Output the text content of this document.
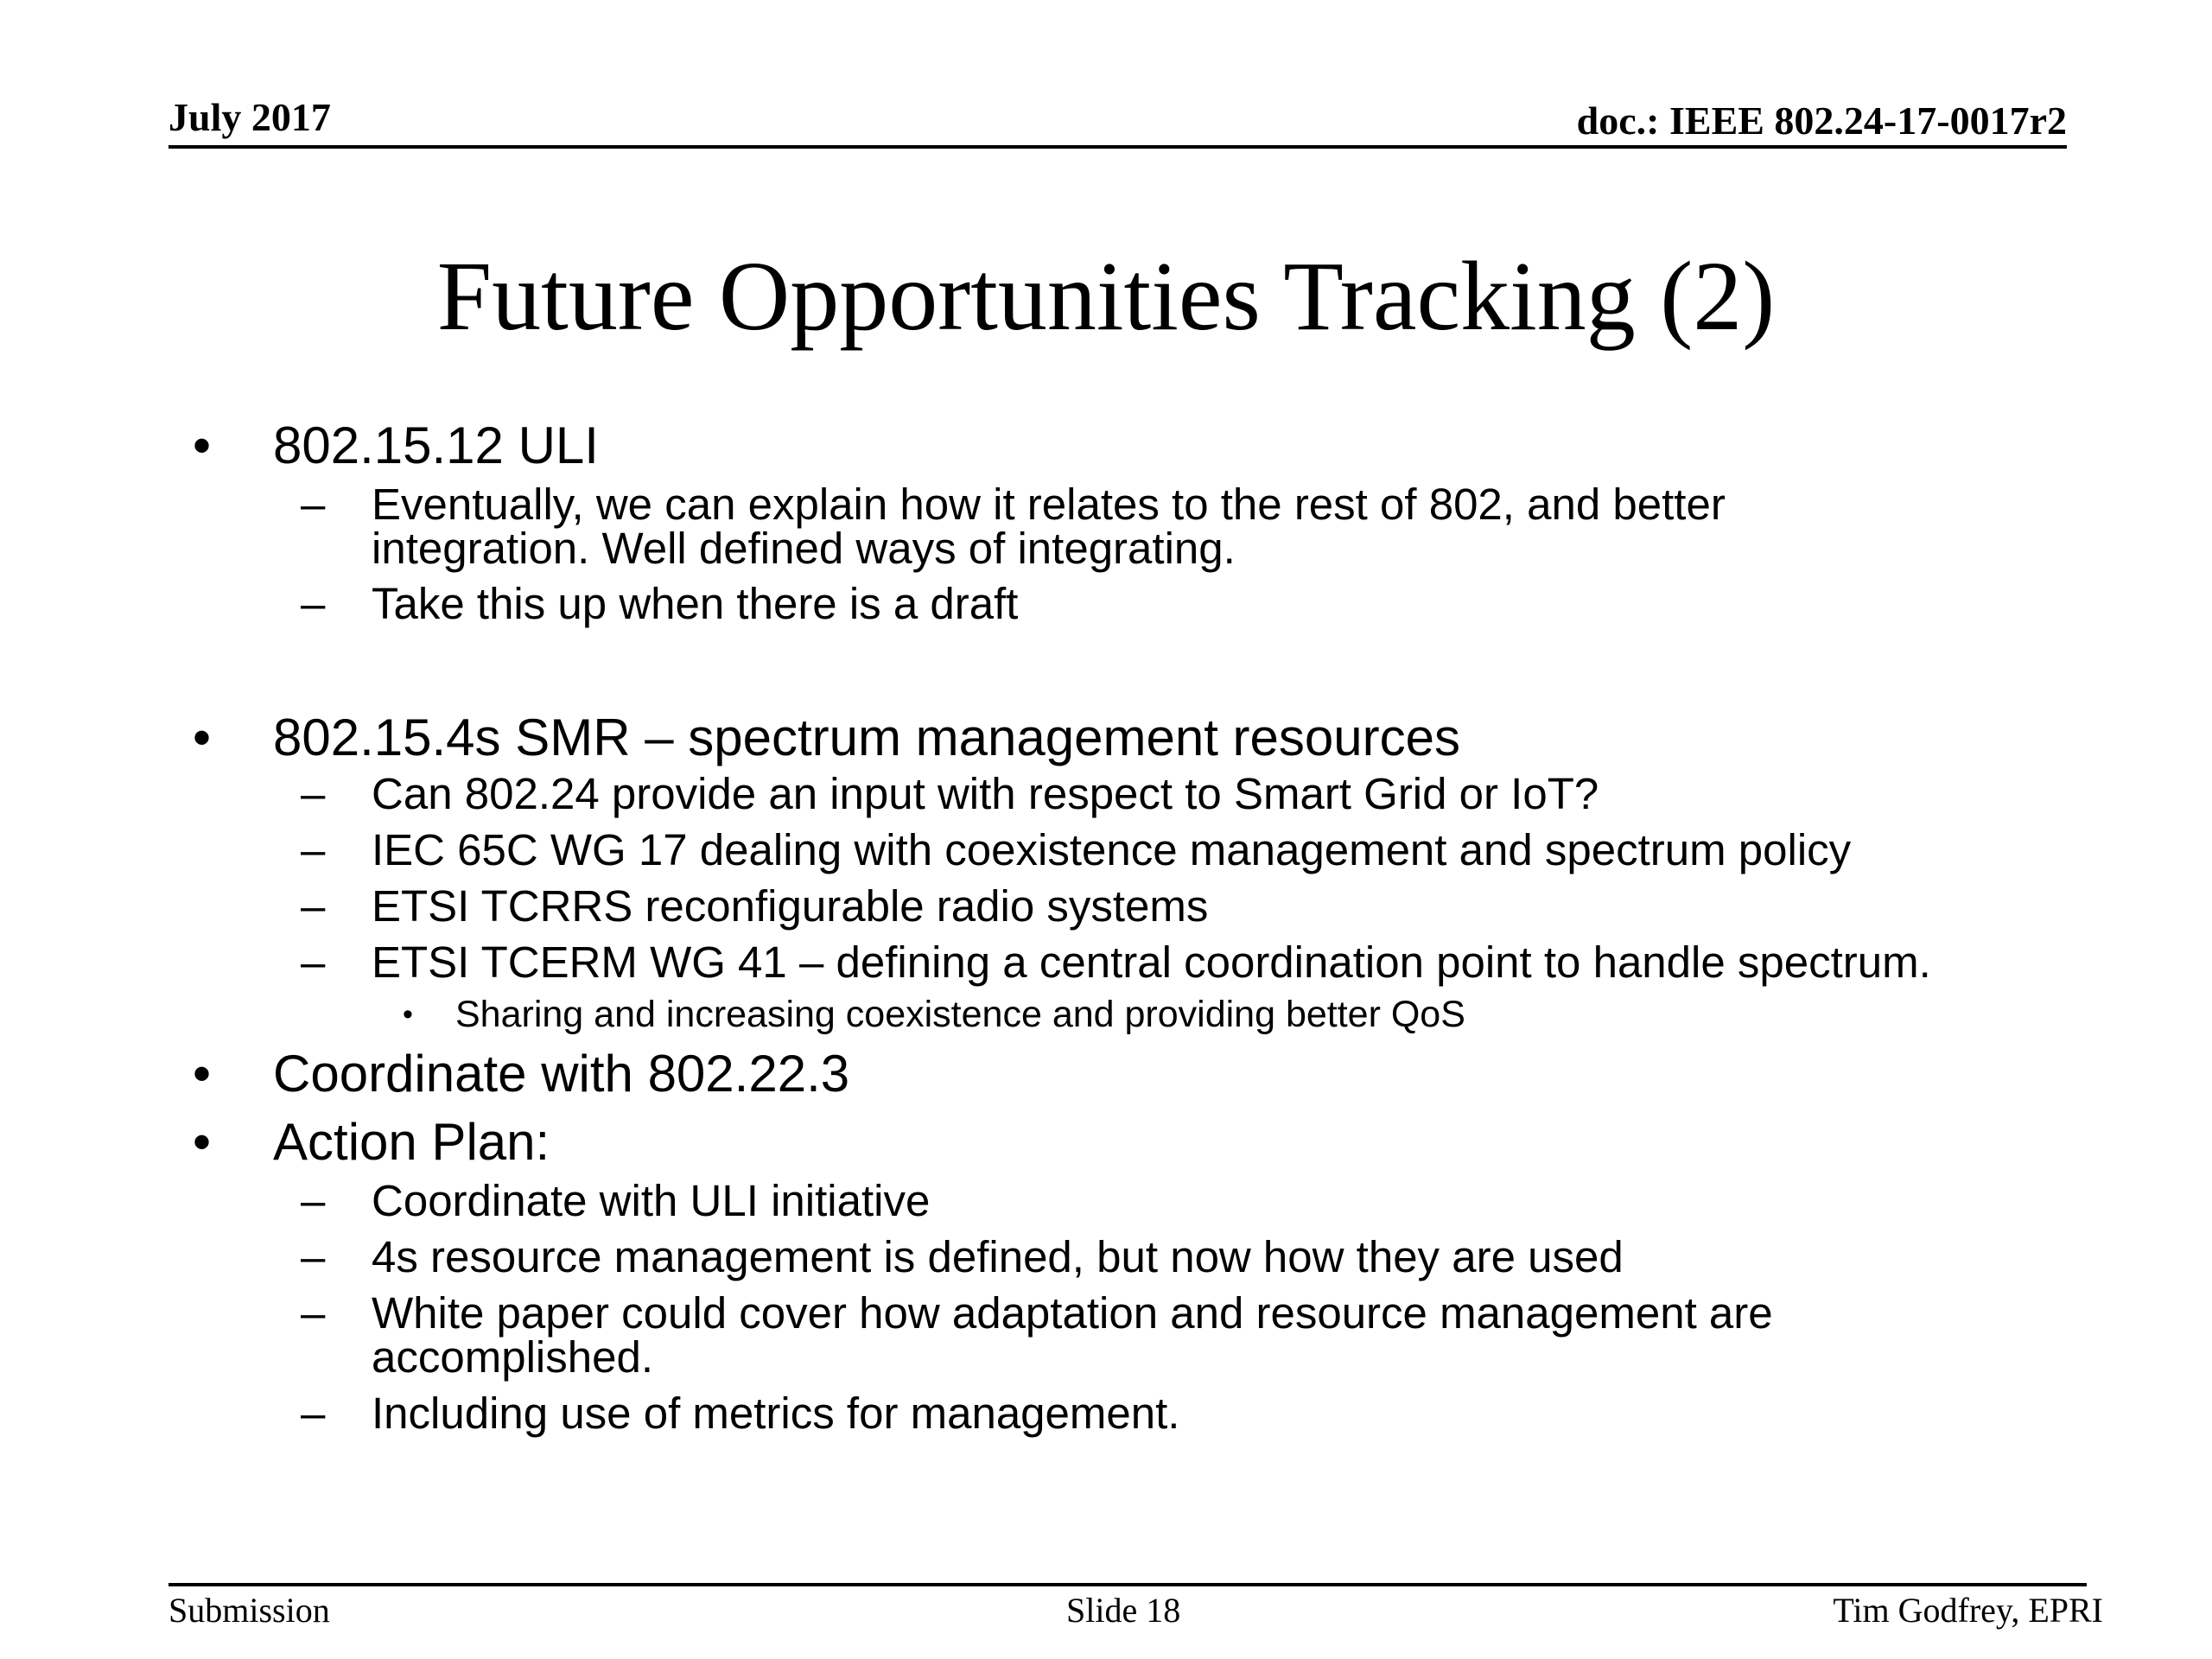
July 2017	doc.: IEEE 802.24-17-0017r2
Future Opportunities Tracking (2)
• 802.15.12 ULI
– Eventually, we can explain how it relates to the rest of 802, and better
integration. Well defined ways of integrating.
– Take this up when there is a draft
• 802.15.4s SMR – spectrum management resources
– Can 802.24 provide an input with respect to Smart Grid or IoT?
– IEC 65C WG 17 dealing with coexistence management and spectrum policy
– ETSI TCRRS reconfigurable radio systems
– ETSI TCERM WG 41 – defining a central coordination point to handle spectrum.
• Sharing and increasing coexistence and providing better QoS
• Coordinate with 802.22.3
• Action Plan:
– Coordinate with ULI initiative
– 4s resource management is defined, but now how they are used
– White paper could cover how adaptation and resource management are
accomplished.
– Including use of metrics for management.
Submission	Slide 18	Tim Godfrey, EPRI
